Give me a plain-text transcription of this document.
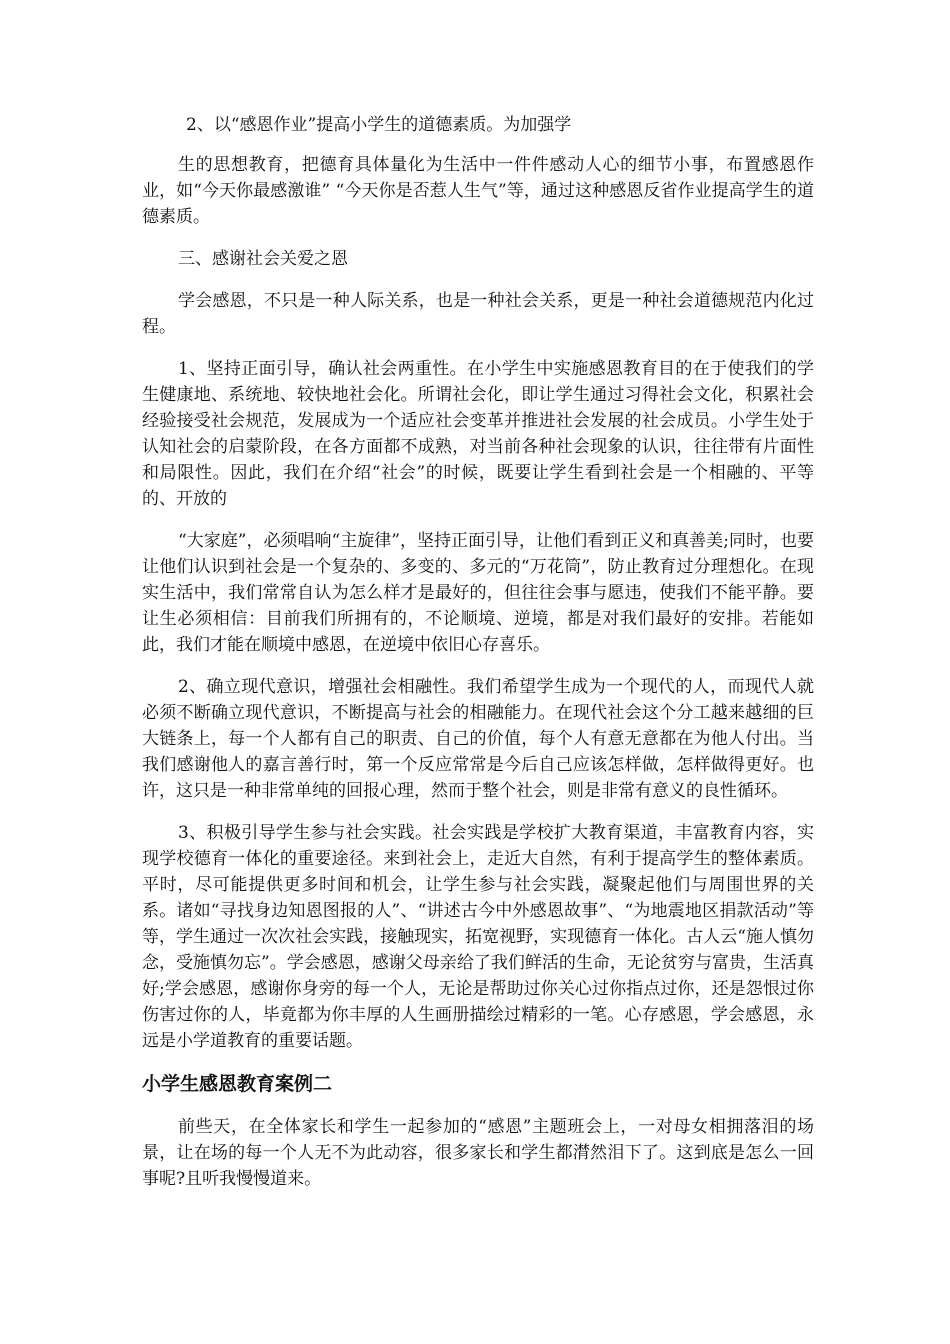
2、以“感恩作业”提高小学生的道德素质。为加强学

生的思想教育，把德育具体量化为生活中一件件感动人心的细节小事，布置感恩作业，如“今天你最感激谁” “今天你是否惹人生气”等，通过这种感恩反省作业提高学生的道德素质。

三、感谢社会关爱之恩

学会感恩，不只是一种人际关系，也是一种社会关系，更是一种社会道德规范内化过程。

1、坚持正面引导，确认社会两重性。在小学生中实施感恩教育目的在于使我们的学生健康地、系统地、较快地社会化。所谓社会化，即让学生通过习得社会文化，积累社会经验接受社会规范，发展成为一个适应社会变革并推进社会发展的社会成员。小学生处于认知社会的启蒙阶段，在各方面都不成熟，对当前各种社会现象的认识，往往带有片面性和局限性。因此，我们在介绍“社会”的时候，既要让学生看到社会是一个相融的、平等的、开放的

“大家庭”，必须唱响“主旋律”，坚持正面引导，让他们看到正义和真善美;同时，也要让他们认识到社会是一个复杂的、多变的、多元的“万花筒”，防止教育过分理想化。在现实生活中，我们常常自认为怎么样才是最好的，但往往会事与愿违，使我们不能平静。要让生必须相信：目前我们所拥有的，不论顺境、逆境，都是对我们最好的安排。若能如此，我们才能在顺境中感恩，在逆境中依旧心存喜乐。

2、确立现代意识，增强社会相融性。我们希望学生成为一个现代的人，而现代人就必须不断确立现代意识，不断提高与社会的相融能力。在现代社会这个分工越来越细的巨大链条上，每一个人都有自己的职责、自己的价值，每个人有意无意都在为他人付出。当我们感谢他人的嘉言善行时，第一个反应常常是今后自己应该怎样做，怎样做得更好。也许，这只是一种非常单纯的回报心理，然而于整个社会，则是非常有意义的良性循环。

3、积极引导学生参与社会实践。社会实践是学校扩大教育渠道，丰富教育内容，实现学校德育一体化的重要途径。来到社会上，走近大自然，有利于提高学生的整体素质。平时，尽可能提供更多时间和机会，让学生参与社会实践，凝聚起他们与周围世界的关系。诸如“寻找身边知恩图报的人”、“讲述古今中外感恩故事”、“为地震地区捐款活动”等等，学生通过一次次社会实践，接触现实，拓宽视野，实现德育一体化。古人云“施人慎勿念，受施慎勿忘”。学会感恩，感谢父母亲给了我们鲜活的生命，无论贫穷与富贵，生活真好;学会感恩，感谢你身旁的每一个人，无论是帮助过你关心过你指点过你，还是怨恨过你伤害过你的人，毕竟都为你丰厚的人生画册描绘过精彩的一笔。心存感恩，学会感恩，永远是小学道教育的重要话题。

小学生感恩教育案例二

前些天，在全体家长和学生一起参加的“感恩”主题班会上，一对母女相拥落泪的场景，让在场的每一个人无不为此动容，很多家长和学生都潸然泪下了。这到底是怎么一回事呢?且听我慢慢道来。
